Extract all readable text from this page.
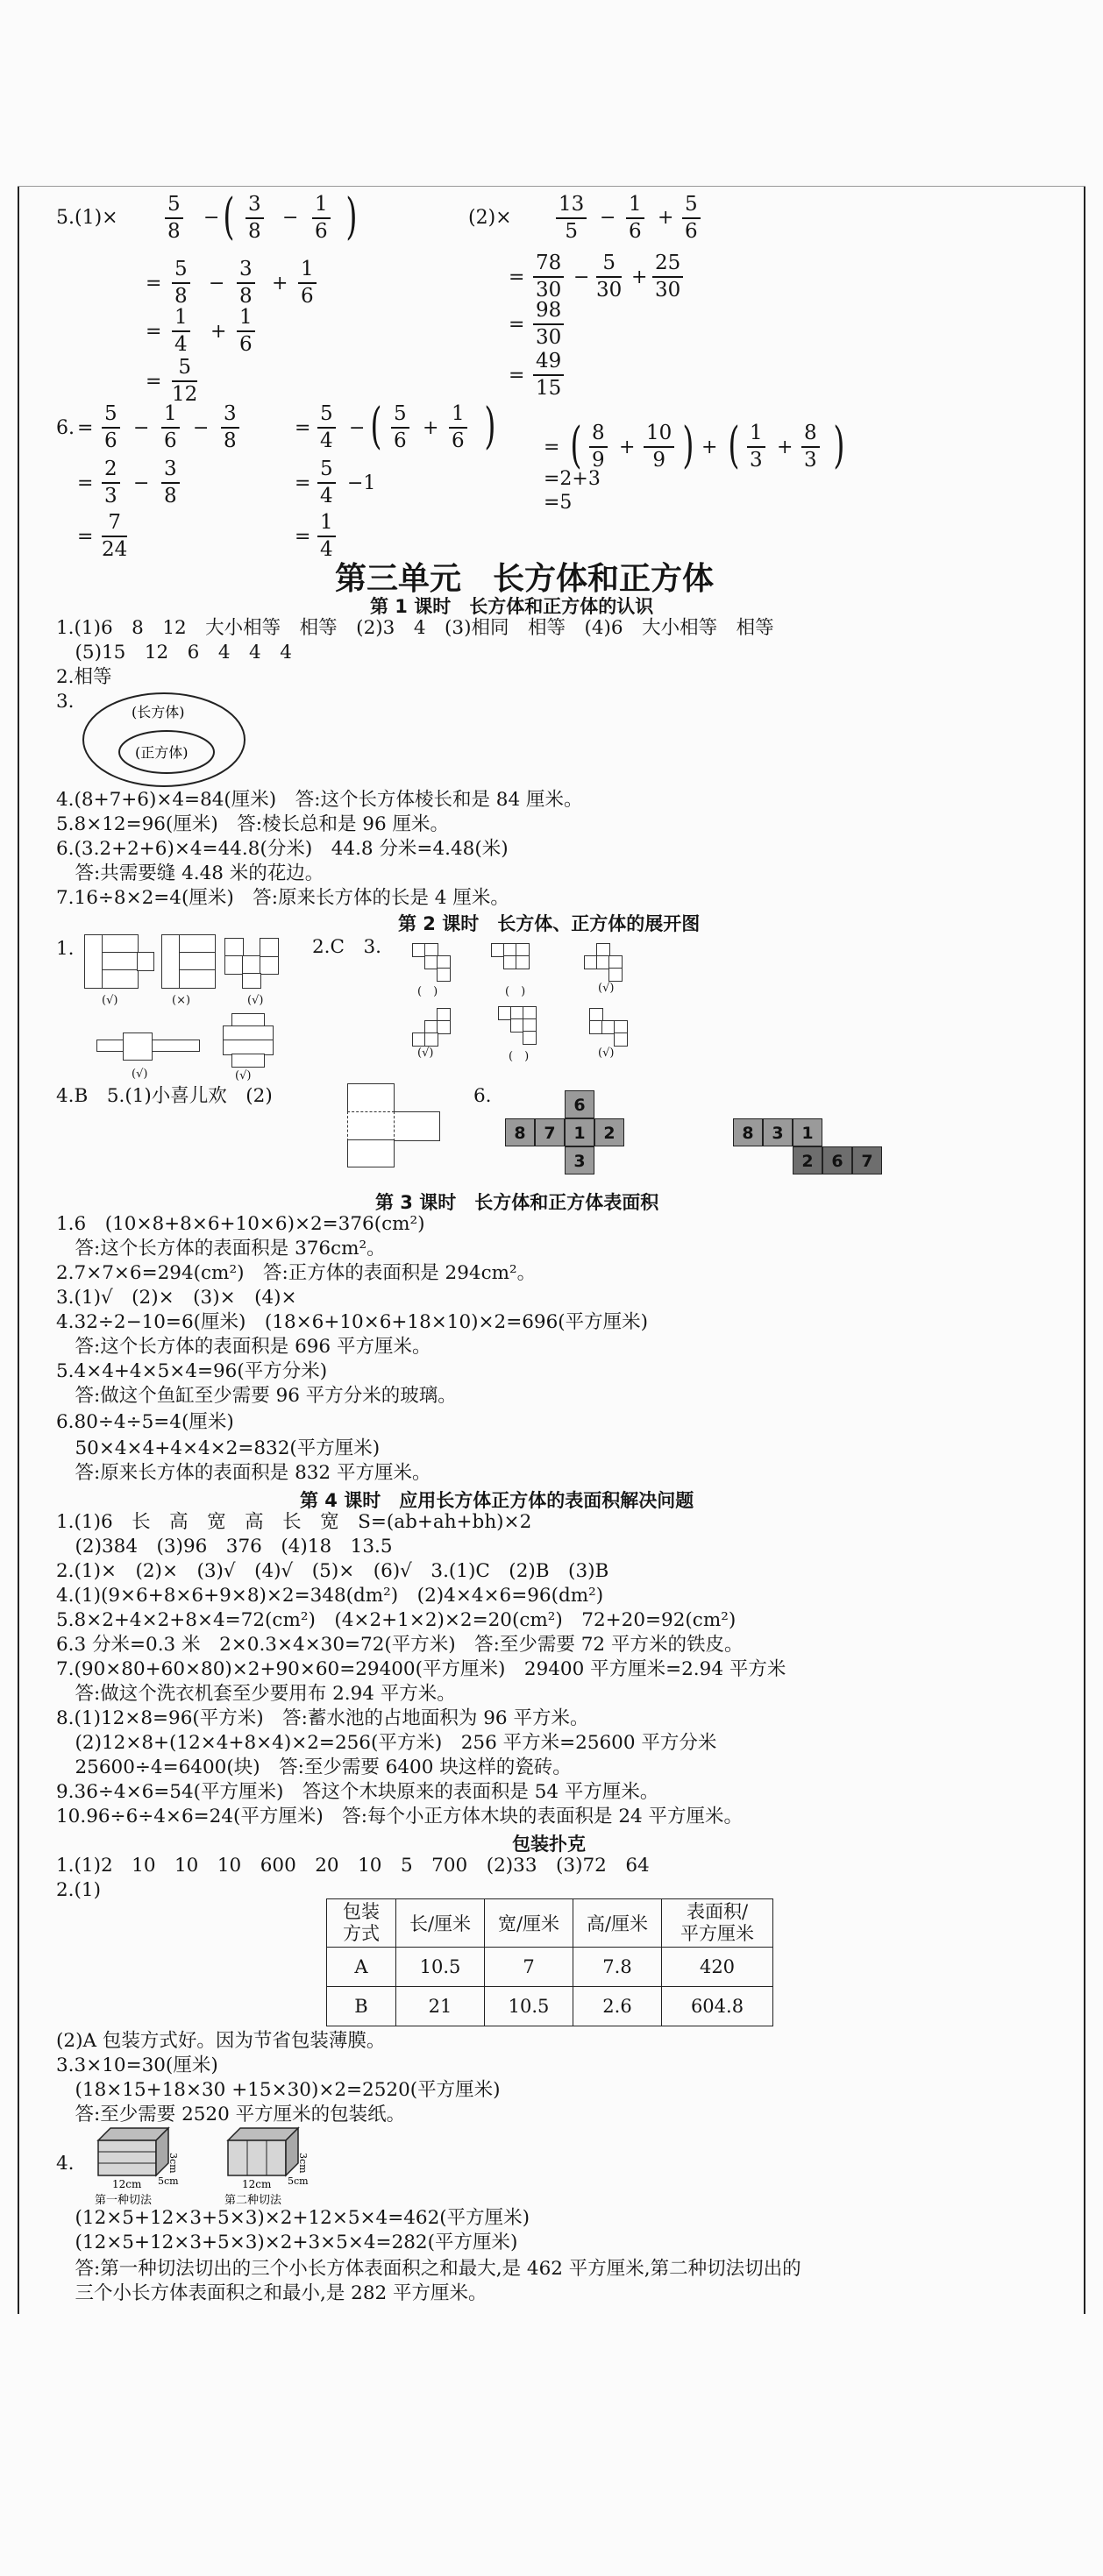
$5.(1)\times \frac{5}{8}$ − ( $\frac{3}{8} - \frac{1}{6}$ )
= $\frac{5}{8} - \frac{3}{8} + \frac{1}{6}$
= $\frac{1}{4} + \frac{1}{6}$
= $\frac{5}{12}$
$(2)\times \frac{13}{5} - \frac{1}{6} + \frac{5}{6}$
= $\frac{78}{30} - \frac{5}{30} + \frac{25}{30}$
= $\frac{98}{30}$
= $\frac{49}{15}$
6. = $\frac{5}{6} - \frac{1}{6} - \frac{3}{8}$
= $\frac{2}{3} - \frac{3}{8}$
= $\frac{7}{24}$
= $\frac{5}{4}$ − ( $\frac{5}{6} + \frac{1}{6}$ )
= $\frac{5}{4} -1$
= $\frac{1}{4}$
= ( $\frac{8}{9} + \frac{10}{9}$ ) + ( $\frac{1}{3} + \frac{8}{3}$ )
=2+3
=5
第三单元　长方体和正方体
第 1 课时　长方体和正方体的认识
1.(1)6　8　12　大小相等　相等　(2)3　4　(3)相同　相等　(4)6　大小相等　相等
　(5)15　12　6　4　4　4
2.相等
3.	(长方体)
(正方体)
4.(8+7+6)×4=84(厘米)　答:这个长方体棱长和是 84 厘米。
5.8×12=96(厘米)　答:棱长总和是 96 厘米。
6.(3.2+2+6)×4=44.8(分米)　44.8 分米=4.48(米)
　答:共需要缝 4.48 米的花边。
7.16÷8×2=4(厘米)　答:原来长方体的长是 4 厘米。
第 2 课时　长方体、正方体的展开图
1.
(√)	(×)	(√)
(√)	(√)
2.C　3.
(　)	(　)	(√)
(√)	(　)	(√)
4.B　5.(1)小喜儿欢　(2)	6.	6
8	7	1	2
3
8	3	1
2	6	7
第 3 课时　长方体和正方体表面积
1.6　(10×8+8×6+10×6)×2=376(cm²)
　答:这个长方体的表面积是 376cm²。
2.7×7×6=294(cm²)　答:正方体的表面积是 294cm²。
3.(1)√　(2)×　(3)×　(4)×
4.32÷2−10=6(厘米)　(18×6+10×6+18×10)×2=696(平方厘米)
　答:这个长方体的表面积是 696 平方厘米。
5.4×4+4×5×4=96(平方分米)
　答:做这个鱼缸至少需要 96 平方分米的玻璃。
6.80÷4÷5=4(厘米)
　50×4×4+4×4×2=832(平方厘米)
　答:原来长方体的表面积是 832 平方厘米。
第 4 课时　应用长方体正方体的表面积解决问题
1.(1)6　长　高　宽　高　长　宽　S=(ab+ah+bh)×2
　(2)384　(3)96　376　(4)18　13.5
2.(1)×　(2)×　(3)√　(4)√　(5)×　(6)√　3.(1)C　(2)B　(3)B
4.(1)(9×6+8×6+9×8)×2=348(dm²)　(2)4×4×6=96(dm²)
5.8×2+4×2+8×4=72(cm²)　(4×2+1×2)×2=20(cm²)　72+20=92(cm²)
6.3 分米=0.3 米　2×0.3×4×30=72(平方米)　答:至少需要 72 平方米的铁皮。
7.(90×80+60×80)×2+90×60=29400(平方厘米)　29400 平方厘米=2.94 平方米
　答:做这个洗衣机套至少要用布 2.94 平方米。
8.(1)12×8=96(平方米)　答:蓄水池的占地面积为 96 平方米。
　(2)12×8+(12×4+8×4)×2=256(平方米)　256 平方米=25600 平方分米
　25600÷4=6400(块)　答:至少需要 6400 块这样的瓷砖。
9.36÷4×6=54(平方厘米)　答这个木块原来的表面积是 54 平方厘米。
10.96÷6÷4×6=24(平方厘米)　答:每个小正方体木块的表面积是 24 平方厘米。
包装扑克
1.(1)2　10　10　10　600　20　10　5　700　(2)33　(3)72　64
2.(1)
包装
方式	长/厘米	宽/厘米	高/厘米	表面积/
平方厘米
A	10.5	7	7.8	420
B	21	10.5	2.6	604.8
(2)A 包装方式好。因为节省包装薄膜。
3.3×10=30(厘米)
　(18×15+18×30 +15×30)×2=2520(平方厘米)
　答:至少需要 2520 平方厘米的包装纸。
4.
12cm 5cm
3cm
第一种切法
12cm 5cm
3cm
第二种切法
　(12×5+12×3+5×3)×2+12×5×4=462(平方厘米)
　(12×5+12×3+5×3)×2+3×5×4=282(平方厘米)
　答:第一种切法切出的三个小长方体表面积之和最大,是 462 平方厘米,第二种切法切出的
　三个小长方体表面积之和最小,是 282 平方厘米。
